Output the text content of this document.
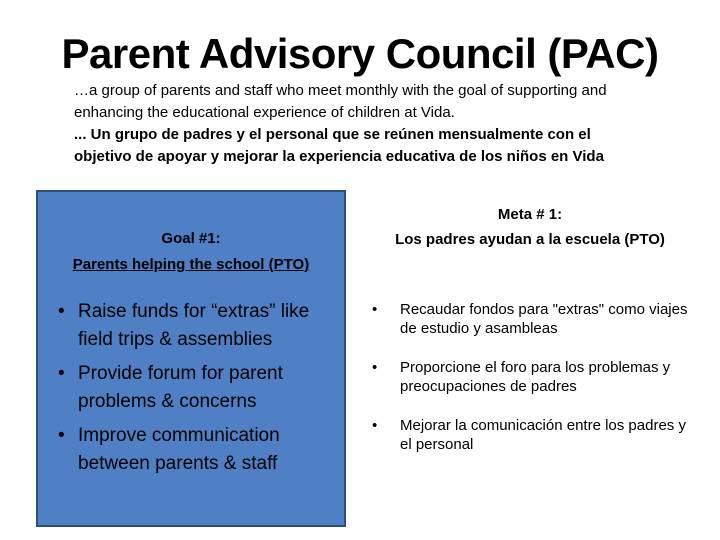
Parent Advisory Council (PAC)
…a group of parents and staff who meet monthly with the goal of supporting and enhancing the educational experience of children at Vida.
... Un grupo de padres y el personal que se reúnen mensualmente con el objetivo de apoyar y mejorar la experiencia educativa de los niños en Vida
Goal #1:
Parents helping the school (PTO)
• Raise funds for “extras” like field trips & assemblies
• Provide forum for parent problems & concerns
• Improve communication between parents & staff
Meta # 1:
Los padres ayudan a la escuela (PTO)
• Recaudar fondos para "extras" como viajes de estudio y asambleas
• Proporcione el foro para los problemas y preocupaciones de padres
• Mejorar la comunicación entre los padres y el personal
